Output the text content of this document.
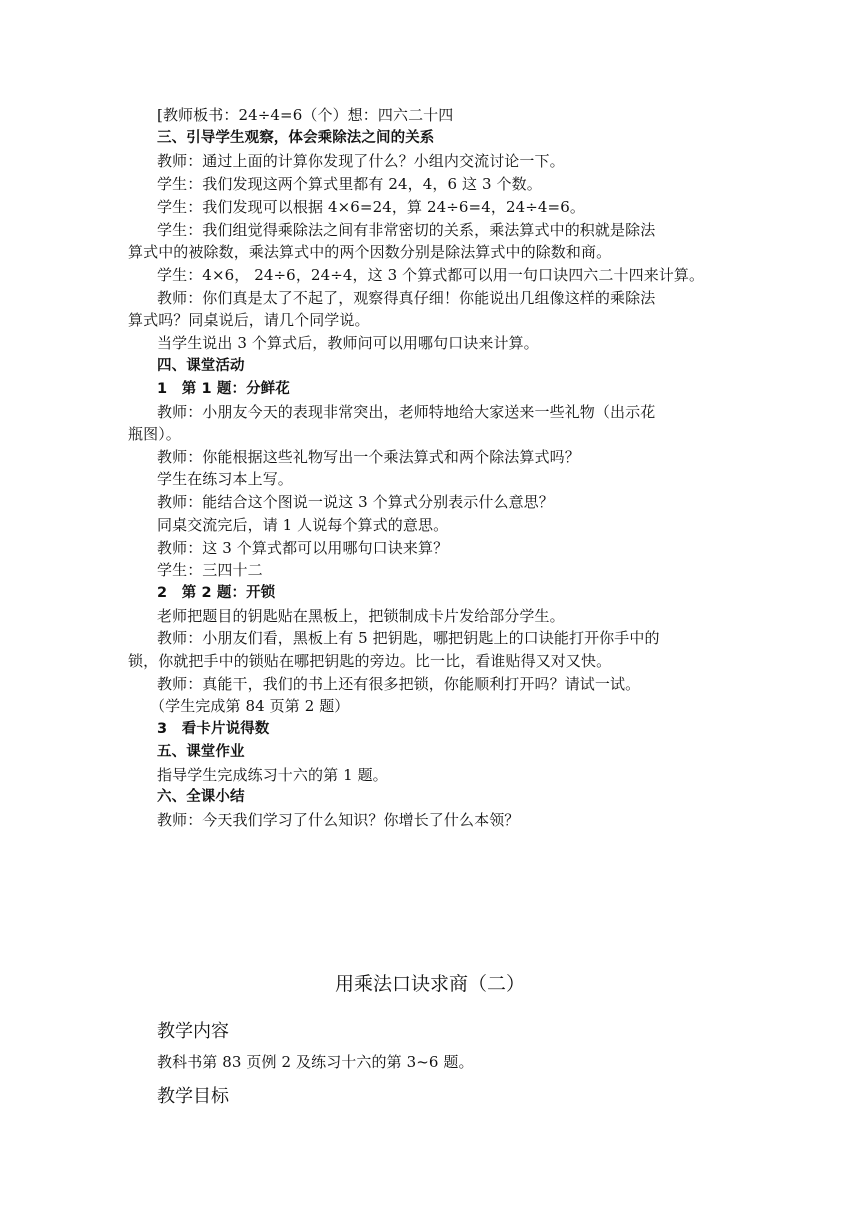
[教师板书：24÷4=6（个）想：四六二十四
三、引导学生观察，体会乘除法之间的关系
教师：通过上面的计算你发现了什么？小组内交流讨论一下。
学生：我们发现这两个算式里都有 24，4，6 这 3 个数。
学生：我们发现可以根据 4×6=24，算 24÷6=4，24÷4=6。
学生：我们组觉得乘除法之间有非常密切的关系，乘法算式中的积就是除法
算式中的被除数，乘法算式中的两个因数分别是除法算式中的除数和商。
学生：4×6， 24÷6，24÷4，这 3 个算式都可以用一句口诀四六二十四来计算。
教师：你们真是太了不起了，观察得真仔细！你能说出几组像这样的乘除法
算式吗？同桌说后，请几个同学说。
当学生说出 3 个算式后，教师问可以用哪句口诀来计算。
四、课堂活动
1　第 1 题：分鲜花
教师：小朋友今天的表现非常突出，老师特地给大家送来一些礼物（出示花
瓶图）。
教师：你能根据这些礼物写出一个乘法算式和两个除法算式吗？
学生在练习本上写。
教师：能结合这个图说一说这 3 个算式分别表示什么意思？
同桌交流完后，请 1 人说每个算式的意思。
教师：这 3 个算式都可以用哪句口诀来算？
学生：三四十二
2　第 2 题：开锁
老师把题目的钥匙贴在黑板上，把锁制成卡片发给部分学生。
教师：小朋友们看，黑板上有 5 把钥匙，哪把钥匙上的口诀能打开你手中的
锁，你就把手中的锁贴在哪把钥匙的旁边。比一比，看谁贴得又对又快。
教师：真能干，我们的书上还有很多把锁，你能顺利打开吗？请试一试。
（学生完成第 84 页第 2 题）
3　看卡片说得数
五、课堂作业
指导学生完成练习十六的第 1 题。
六、全课小结
教师：今天我们学习了什么知识？你增长了什么本领？
用乘法口诀求商（二）
教学内容
教科书第 83 页例 2 及练习十六的第 3~6 题。
教学目标
